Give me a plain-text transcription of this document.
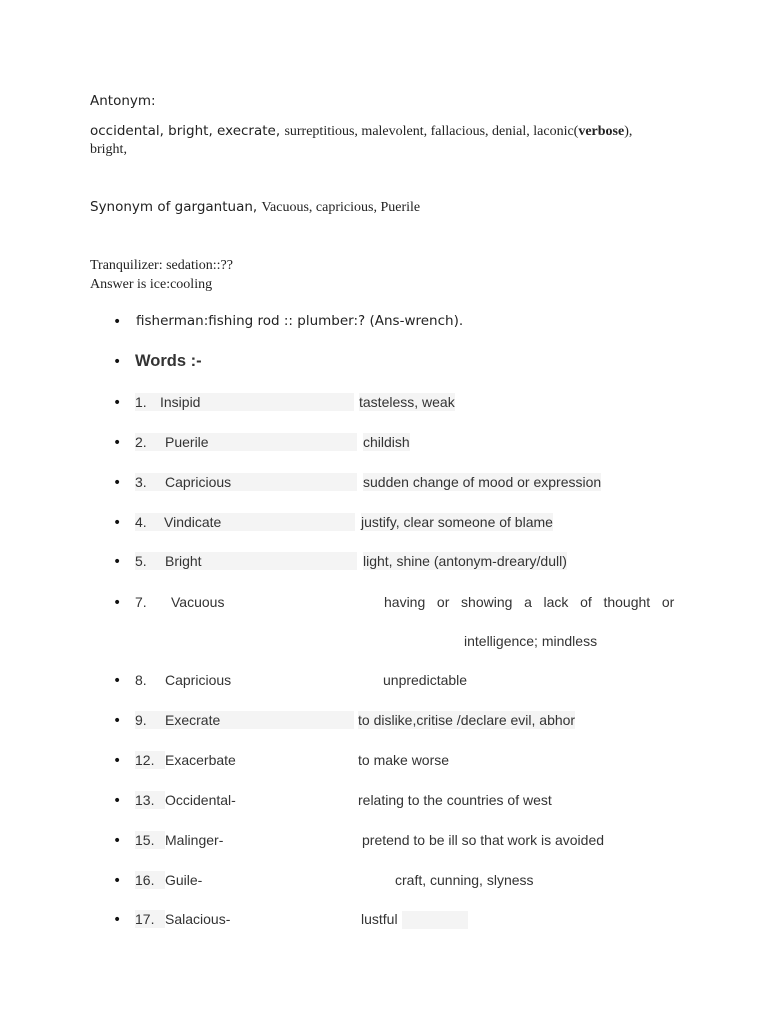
Antonym:
occidental, bright, execrate, surreptitious, malevolent, fallacious, denial, laconic(verbose),
bright,
Synonym of gargantuan, Vacuous, capricious, Puerile
Tranquilizer: sedation::??
Answer is ice:cooling
•
fisherman:fishing rod :: plumber:? (Ans-wrench).
•
Words :-
•
1. Insipid	tasteless, weak
•
2. Puerile	childish
•
3. Capricious	sudden change of mood or expression
•
4. Vindicate	justify, clear someone of blame
•
5. Bright	light, shine (antonym-dreary/dull)
•
7. Vacuous	having   or   showing   a   lack   of   thought   or
intelligence; mindless
•
8. Capricious	unpredictable
•
9. Execrate	to dislike,critise /declare evil, abhor
•
12. Exacerbate	to make worse
•
13. Occidental-	relating to the countries of west
•
15. Malinger-	pretend to be ill so that work is avoided
•
16. Guile-	craft, cunning, slyness
•
17. Salacious-	lustful
